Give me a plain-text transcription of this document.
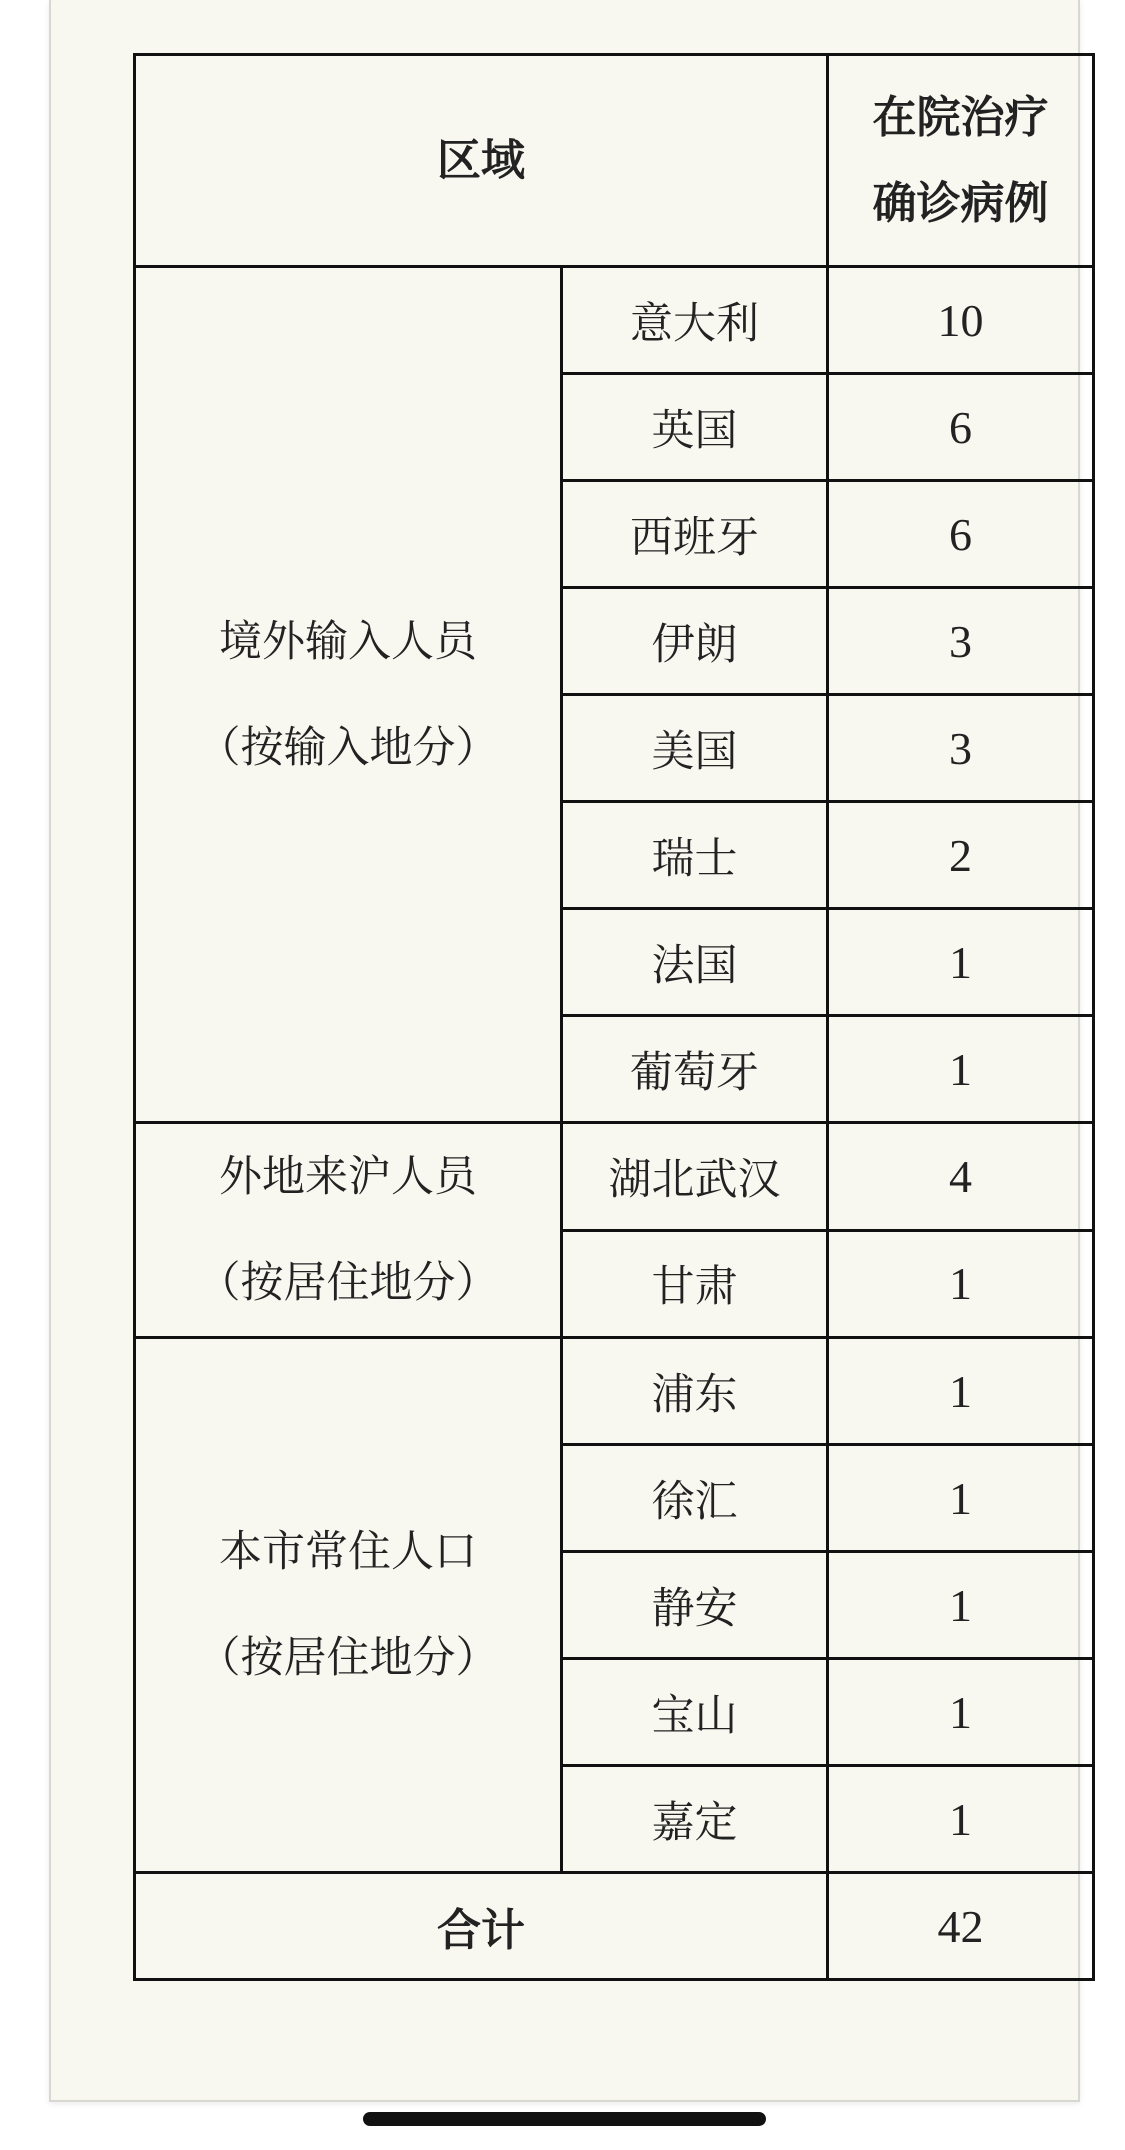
区域		在院治疗
确诊病例

境外输入人员
（按输入地分）	意大利	10
	英国	6
	西班牙	6
	伊朗	3
	美国	3
	瑞士	2
	法国	1
	葡萄牙	1

外地来沪人员
（按居住地分）	湖北武汉	4
	甘肃	1

本市常住人口
（按居住地分）	浦东	1
	徐汇	1
	静安	1
	宝山	1
	嘉定	1
合计		42
